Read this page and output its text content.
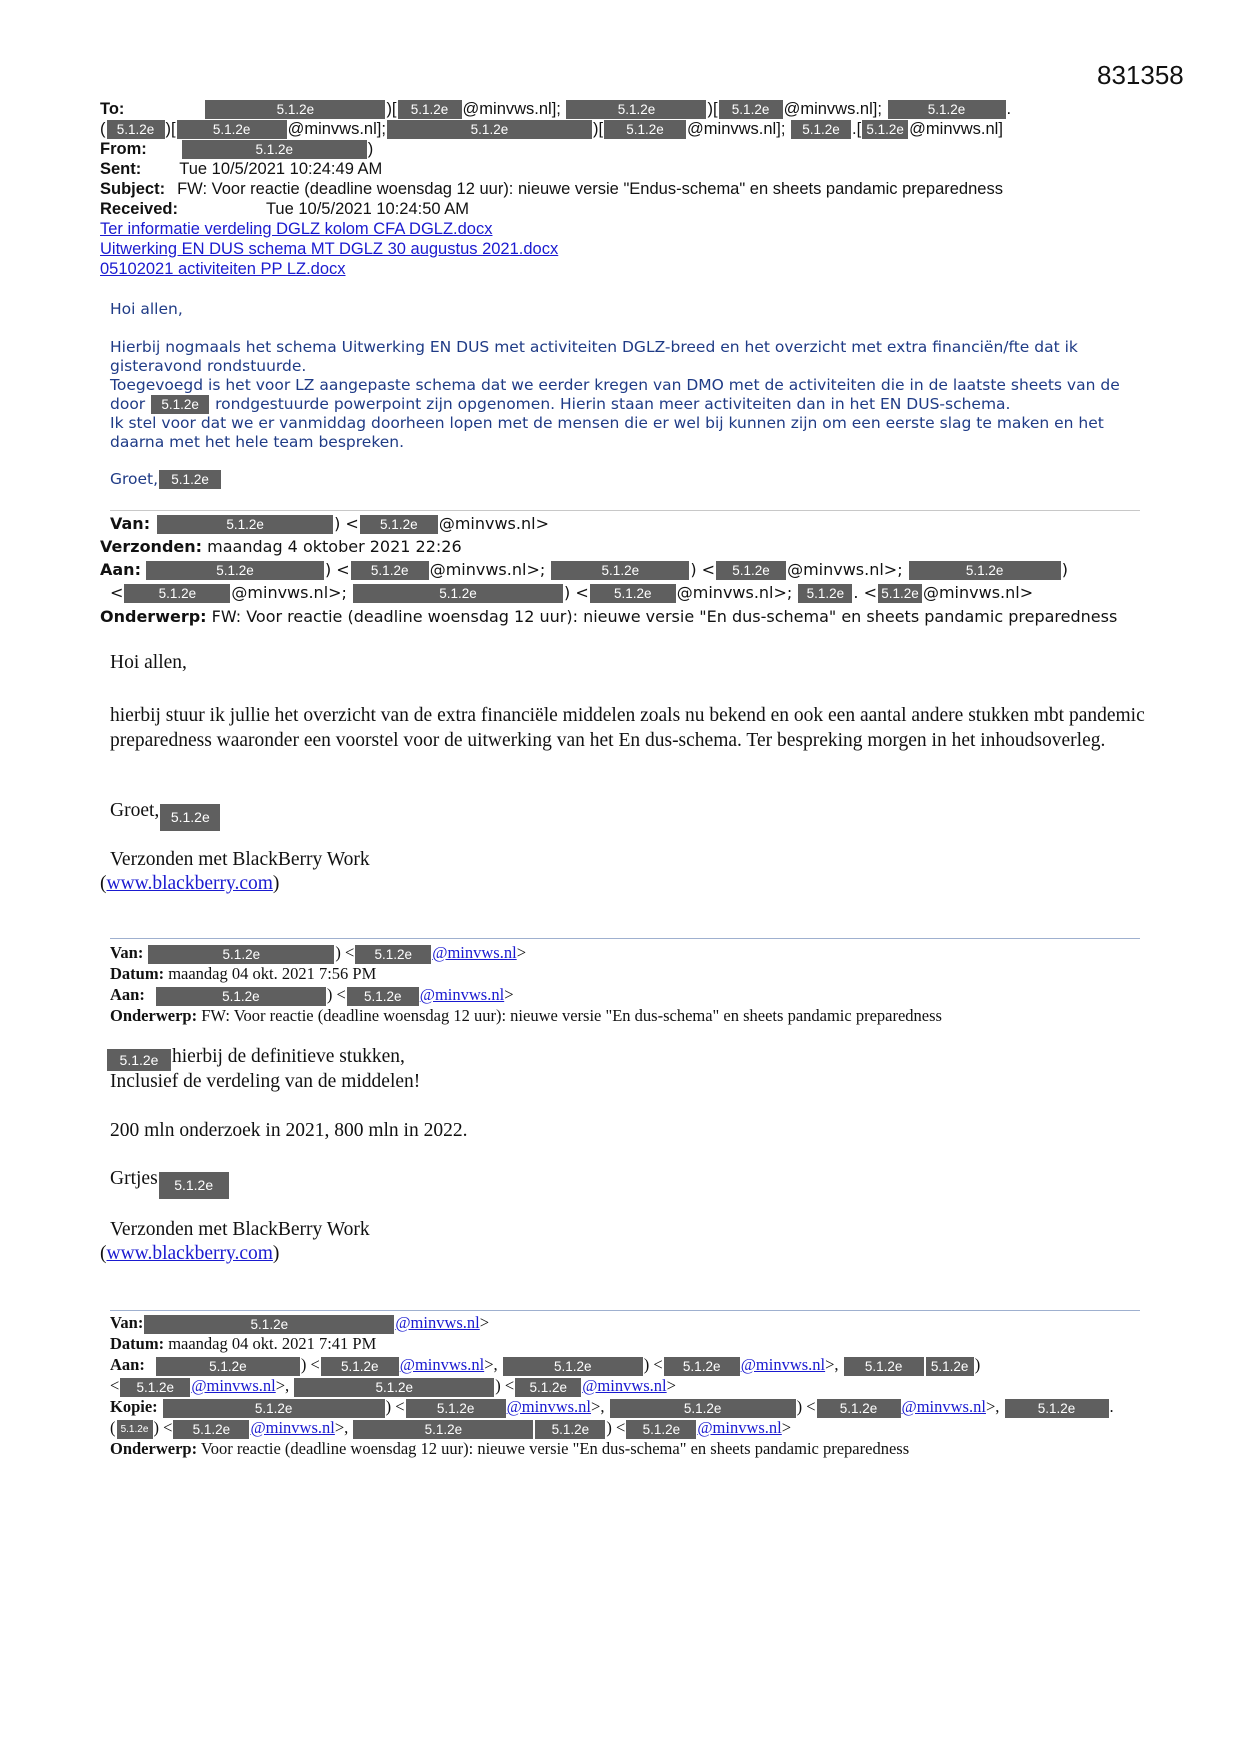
831358
To:	5.1.2e	)[ 5.1.2e @minvws.nl];	5.1.2e	)[ 5.1.2e @minvws.nl];	5.1.2e .
( 5.1.2e )[	5.1.2e @minvws.nl];	5.1.2e	)[ 5.1.2e @minvws.nl]; 5.1.2e .[ 5.1.2e @minvws.nl]
From:	5.1.2e	)
Sent: Tue 10/5/2021 10:24:49 AM
Subject: FW: Voor reactie (deadline woensdag 12 uur): nieuwe versie "Endus-schema" en sheets pandamic preparedness
Received:	Tue 10/5/2021 10:24:50 AM
Ter informatie verdeling DGLZ kolom CFA DGLZ.docx
Uitwerking EN DUS schema MT DGLZ 30 augustus 2021.docx
05102021 activiteiten PP LZ.docx
Hoi allen,
Hierbij nogmaals het schema Uitwerking EN DUS met activiteiten DGLZ-breed en het overzicht met extra financiën/fte dat ik gisteravond rondstuurde.
Toegevoegd is het voor LZ aangepaste schema dat we eerder kregen van DMO met de activiteiten die in de laatste sheets van de
door 5.1.2e rondgestuurde powerpoint zijn opgenomen. Hierin staan meer activiteiten dan in het EN DUS-schema.
Ik stel voor dat we er vanmiddag doorheen lopen met de mensen die er wel bij kunnen zijn om een eerste slag te maken en het daarna met het hele team bespreken.
Groet, 5.1.2e
Van:	5.1.2e	) < 5.1.2e @minvws.nl>
Verzonden: maandag 4 oktober 2021 22:26
Aan:	5.1.2e	) < 5.1.2e @minvws.nl>;	5.1.2e	) < 5.1.2e @minvws.nl>;	5.1.2e	)
<	5.1.2e @minvws.nl>;	5.1.2e	) < 5.1.2e @minvws.nl>; 5.1.2e . < 5.1.2e @minvws.nl>
Onderwerp: FW: Voor reactie (deadline woensdag 12 uur): nieuwe versie "En dus-schema" en sheets pandamic preparedness
Hoi allen,
hierbij stuur ik jullie het overzicht van de extra financiële middelen zoals nu bekend en ook een aantal andere stukken mbt pandemic preparedness waaronder een voorstel voor de uitwerking van het En dus-schema. Ter bespreking morgen in het inhoudsoverleg.
Groet, 5.1.2e
Verzonden met BlackBerry Work
(www.blackberry.com)
Van:	5.1.2e	) < 5.1.2e @minvws.nl>
Datum: maandag 04 okt. 2021 7:56 PM
Aan:	5.1.2e	) < 5.1.2e @minvws.nl>
Onderwerp: FW: Voor reactie (deadline woensdag 12 uur): nieuwe versie "En dus-schema" en sheets pandamic preparedness
5.1.2e hierbij de definitieve stukken,
Inclusief de verdeling van de middelen!
200 mln onderzoek in 2021, 800 mln in 2022.
Grtjes 5.1.2e
Verzonden met BlackBerry Work
(www.blackberry.com)
Van:	5.1.2e	@minvws.nl>
Datum: maandag 04 okt. 2021 7:41 PM
Aan:	5.1.2e	) < 5.1.2e @minvws.nl>,	5.1.2e	) < 5.1.2e @minvws.nl>, 5.1.2e 5.1.2e )
< 5.1.2e @minvws.nl>,	5.1.2e	) < 5.1.2e @minvws.nl>
Kopie:	5.1.2e	) < 5.1.2e @minvws.nl>,	5.1.2e	) < 5.1.2e @minvws.nl>,	5.1.2e .
( 5.1.2e ) < 5.1.2e @minvws.nl>,	5.1.2e	5.1.2e ) < 5.1.2e @minvws.nl>
Onderwerp: Voor reactie (deadline woensdag 12 uur): nieuwe versie "En dus-schema" en sheets pandamic preparedness
